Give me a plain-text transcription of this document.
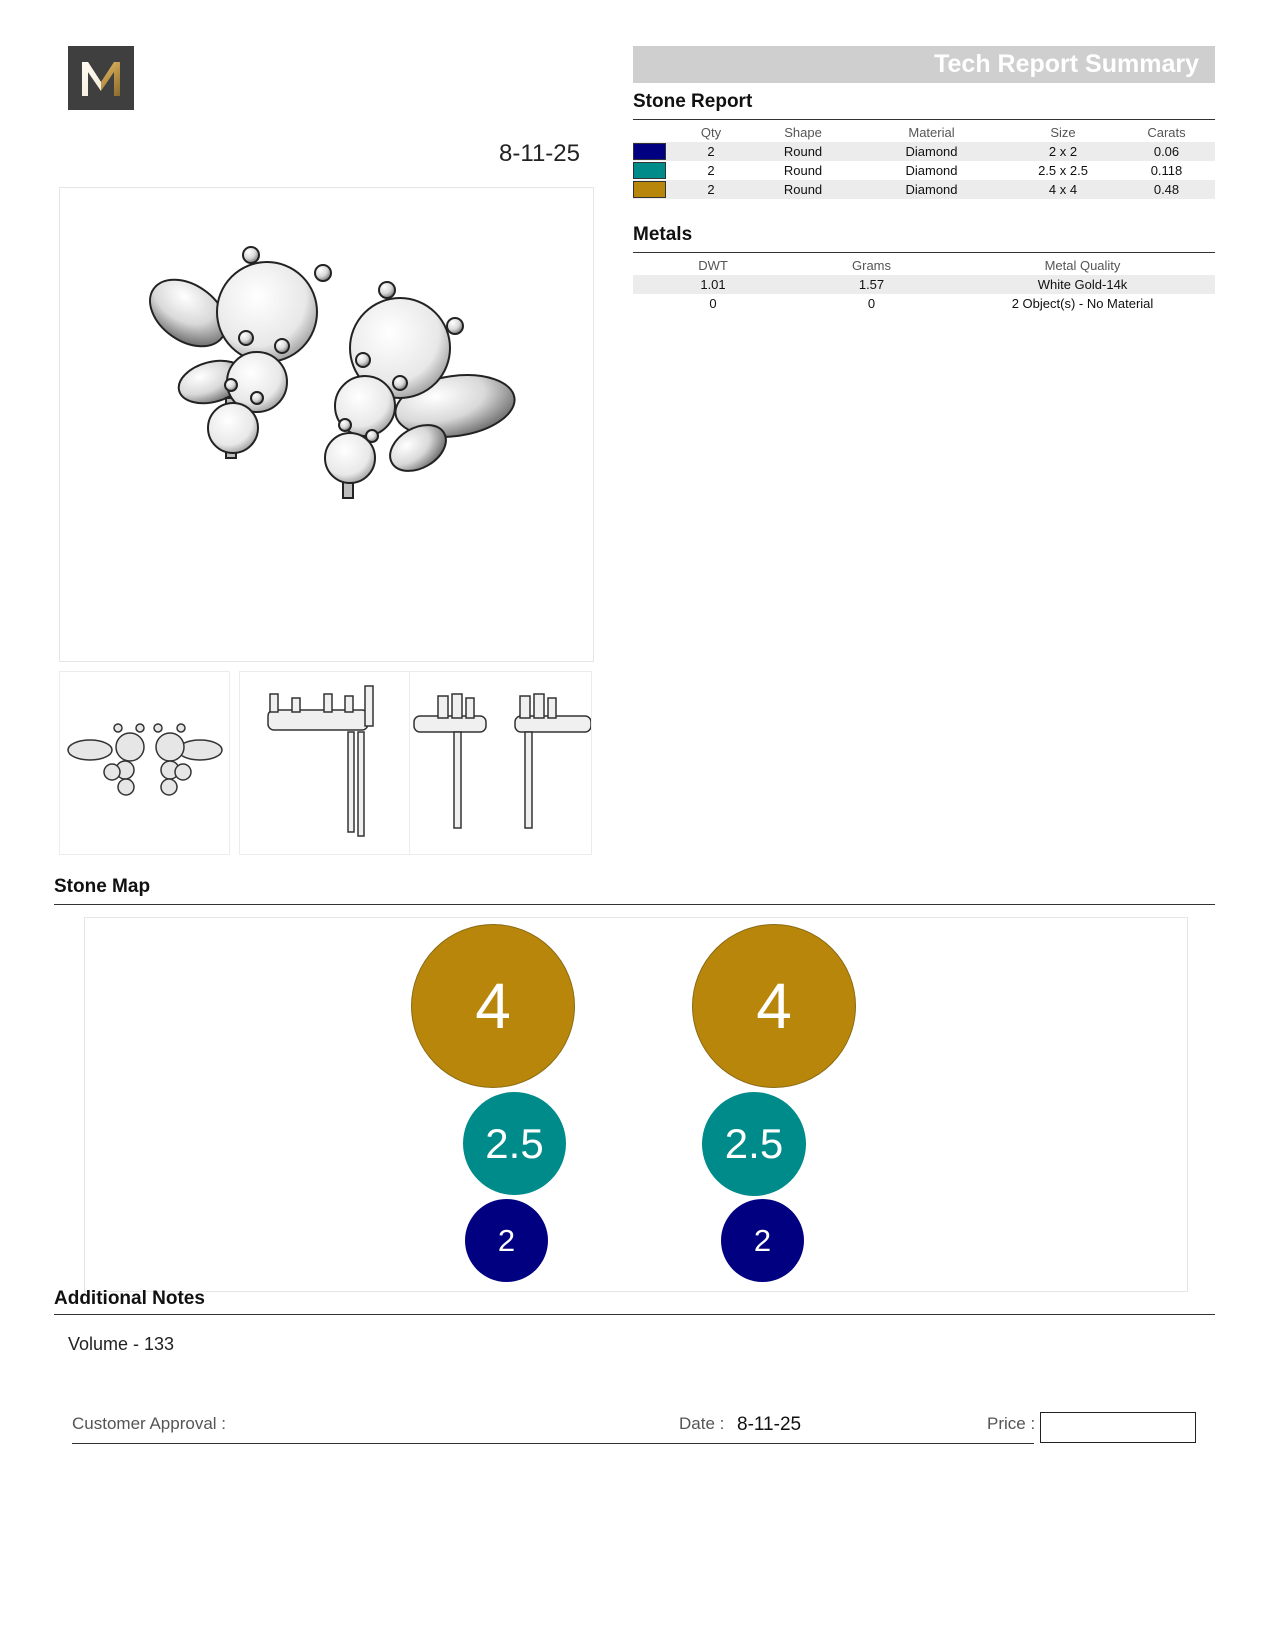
8-11-25
Tech Report Summary
Stone Report
	Qty	Shape	Material	Size	Carats
	2	Round	Diamond	2 x 2	0.06
	2	Round	Diamond	2.5 x 2.5	0.118
	2	Round	Diamond	4 x 4	0.48
Metals
DWT	Grams	Metal Quality
1.01	1.57	White Gold-14k
0	0	2 Object(s) - No Material
Stone Map
4	4
2.5	2.5
2	2
Additional Notes
Volume - 133
Customer Approval :	Date : 8-11-25	Price :
